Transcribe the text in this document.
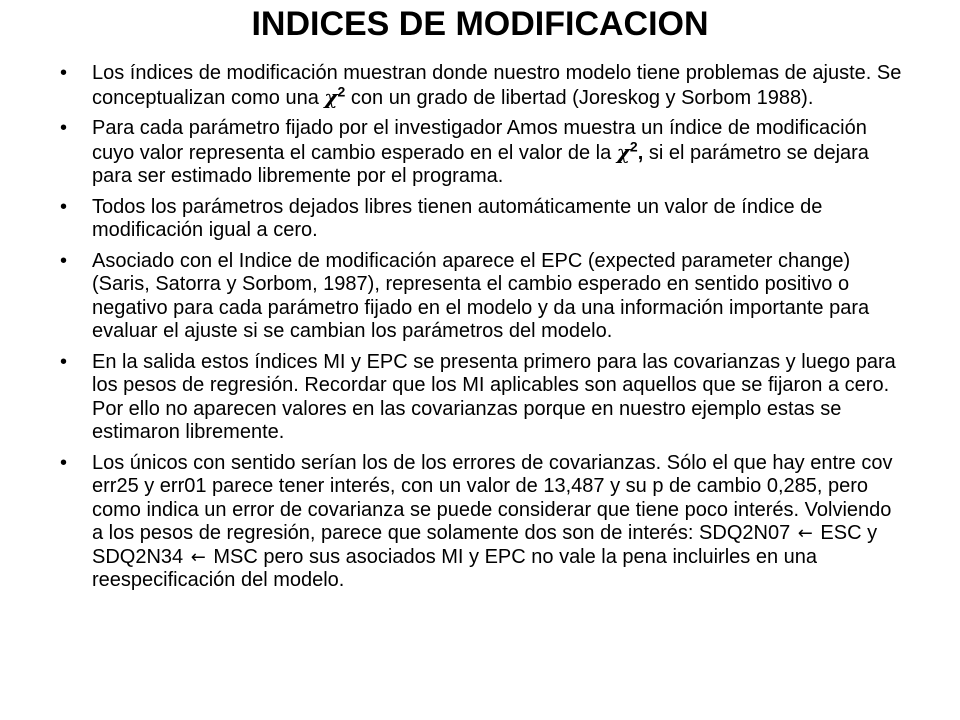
INDICES DE MODIFICACION
•	Los índices de modificación muestran donde nuestro modelo tiene problemas de ajuste. Se conceptualizan como una $\chi^2$ con un grado de libertad (Joreskog y Sorbom 1988).
•	Para cada parámetro fijado por el investigador Amos muestra un índice de modificación cuyo valor representa el cambio esperado en el valor de la $\chi^2$, si el parámetro se dejara para ser estimado libremente por el programa.
•	Todos los parámetros dejados libres tienen automáticamente un valor de índice de modificación igual a cero.
•	Asociado con el Indice de modificación aparece el EPC (expected parameter change) (Saris, Satorra y Sorbom, 1987), representa el cambio esperado en sentido positivo o negativo para cada parámetro fijado en el modelo y da una información importante para evaluar el ajuste si se cambian los parámetros del modelo.
•	En la salida estos índices MI y EPC se presenta primero para las covarianzas y luego para los pesos de regresión. Recordar que los MI aplicables son aquellos que se fijaron a cero. Por ello no aparecen valores en las covarianzas porque en nuestro ejemplo estas se estimaron libremente.
•	Los únicos con sentido serían los de los errores de covarianzas. Sólo el que hay entre cov err25 y err01 parece tener interés, con un valor de 13,487 y su p de cambio 0,285, pero como indica un error de covarianza se puede considerar que tiene poco interés. Volviendo a los pesos de regresión, parece que solamente dos son de interés: SDQ2N07 ← ESC y SDQ2N34 ← MSC pero sus asociados MI y EPC no vale la pena incluirles en una reespecificación del modelo.
